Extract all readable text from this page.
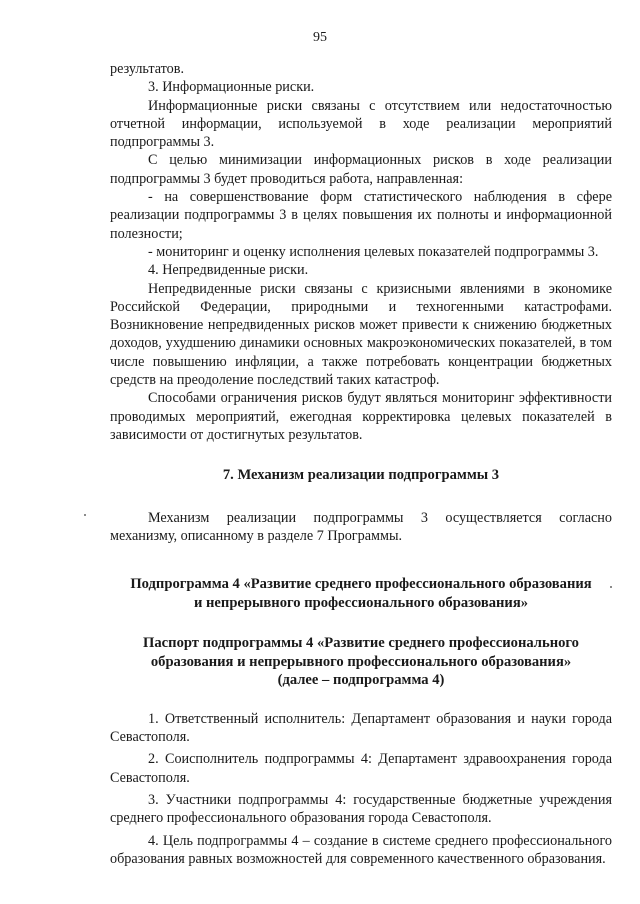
95

результатов.

3. Информационные риски.

Информационные риски связаны с отсутствием или недостаточностью отчетной информации, используемой в ходе реализации мероприятий подпрограммы 3.

С целью минимизации информационных рисков в ходе реализации подпрограммы 3 будет проводиться работа, направленная:

- на совершенствование форм статистического наблюдения в сфере реализации подпрограммы 3 в целях повышения их полноты и информационной полезности;

- мониторинг и оценку исполнения целевых показателей подпрограммы 3.

4. Непредвиденные риски.

Непредвиденные риски связаны с кризисными явлениями в экономике Российской Федерации, природными и техногенными катастрофами. Возникновение непредвиденных рисков может привести к снижению бюджетных доходов, ухудшению динамики основных макроэкономических показателей, в том числе повышению инфляции, а также потребовать концентрации бюджетных средств на преодоление последствий таких катастроф.

Способами ограничения рисков будут являться мониторинг эффективности проводимых мероприятий, ежегодная корректировка целевых показателей в зависимости от достигнутых результатов.

7. Механизм реализации подпрограммы 3

Механизм реализации подпрограммы 3 осуществляется согласно механизму, описанному в разделе 7 Программы.

Подпрограмма 4 «Развитие среднего профессионального образования

и непрерывного профессионального образования»

Паспорт подпрограммы 4 «Развитие среднего профессионального

образования и непрерывного профессионального образования»

(далее – подпрограмма 4)

1. Ответственный исполнитель: Департамент образования и науки города Севастополя.

2. Соисполнитель подпрограммы 4: Департамент здравоохранения города Севастополя.

3. Участники подпрограммы 4: государственные бюджетные учреждения среднего профессионального образования города Севастополя.

4. Цель подпрограммы 4 – создание в системе среднего профессионального образования равных возможностей для современного качественного образования.
